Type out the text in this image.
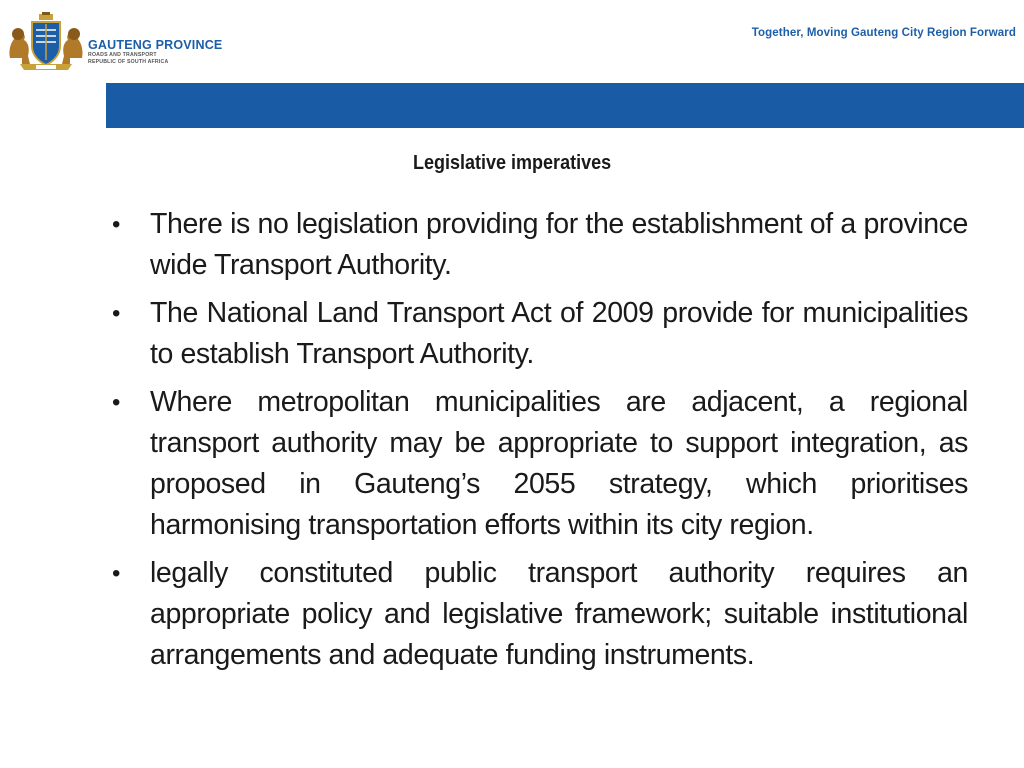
GAUTENG PROVINCE
ROADS AND TRANSPORT
REPUBLIC OF SOUTH AFRICA
Together, Moving Gauteng City Region Forward
Legislative imperatives
• There is no legislation providing for the establishment of a province wide Transport Authority.
• The National Land Transport Act of 2009 provide for municipalities to establish Transport Authority.
• Where metropolitan municipalities are adjacent, a regional transport authority may be appropriate to support integration, as proposed in Gauteng’s 2055 strategy, which prioritises harmonising transportation efforts within its city region.
• legally constituted public transport authority requires an appropriate policy and legislative framework; suitable institutional arrangements and adequate funding instruments.
